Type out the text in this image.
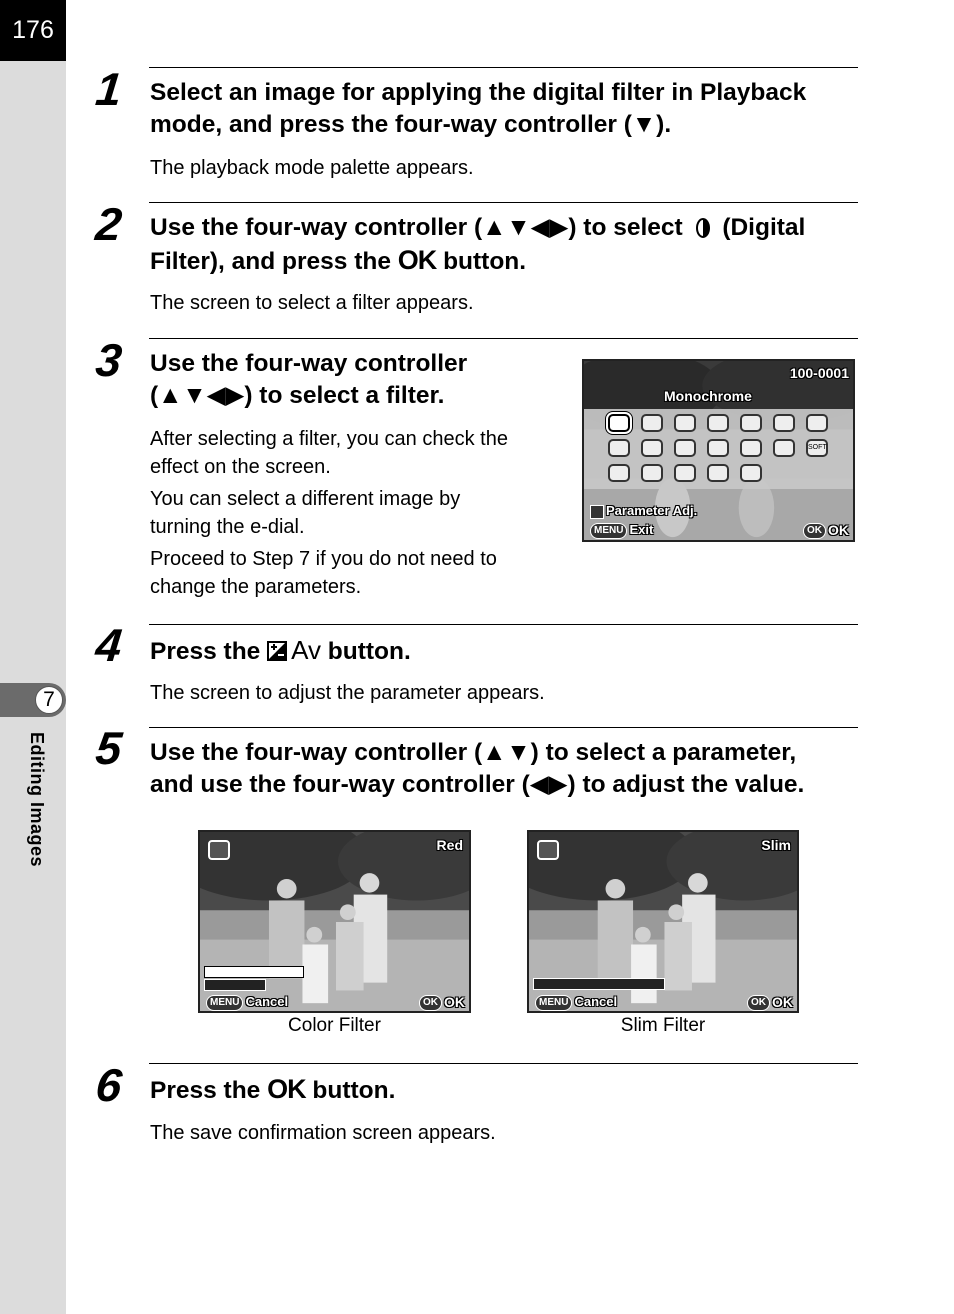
176
7
Editing Images
1 Select an image for applying the digital filter in Playback
mode, and press the four-way controller (▼).
The playback mode palette appears.
2 Use the four-way controller (▲▼◀▶) to select  (Digital
Filter), and press the OK button.
The screen to select a filter appears.
3 Use the four-way controller
(▲▼◀▶) to select a filter.
After selecting a filter, you can check the
effect on the screen.
You can select a different image by
turning the e-dial.
Proceed to Step 7 if you do not need to
change the parameters.
100-0001
Monochrome
SOFT
Parameter Adj.
MENU Exit	OK OK
4 Press the Av button.
The screen to adjust the parameter appears.
5 Use the four-way controller (▲▼) to select a parameter,
and use the four-way controller (◀▶) to adjust the value.
Red
MENU Cancel	OK OK
Color Filter
Slim
MENU Cancel	OK OK
Slim Filter
6 Press the OK button.
The save confirmation screen appears.
